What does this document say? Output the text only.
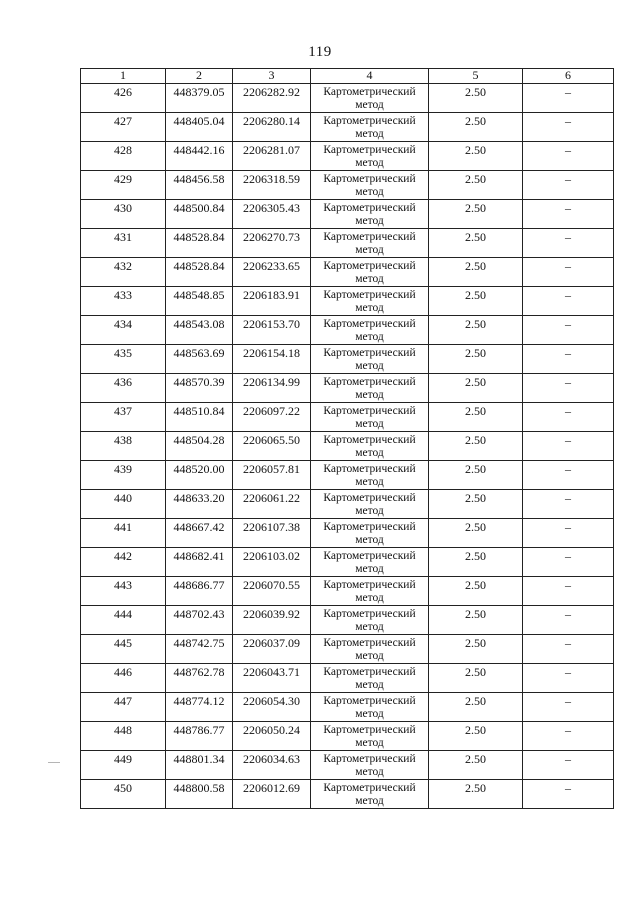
119
1	2	3	4	5	6
426	448379.05	2206282.92	Картометрический метод	2.50	–
427	448405.04	2206280.14	Картометрический метод	2.50	–
428	448442.16	2206281.07	Картометрический метод	2.50	–
429	448456.58	2206318.59	Картометрический метод	2.50	–
430	448500.84	2206305.43	Картометрический метод	2.50	–
431	448528.84	2206270.73	Картометрический метод	2.50	–
432	448528.84	2206233.65	Картометрический метод	2.50	–
433	448548.85	2206183.91	Картометрический метод	2.50	–
434	448543.08	2206153.70	Картометрический метод	2.50	–
435	448563.69	2206154.18	Картометрический метод	2.50	–
436	448570.39	2206134.99	Картометрический метод	2.50	–
437	448510.84	2206097.22	Картометрический метод	2.50	–
438	448504.28	2206065.50	Картометрический метод	2.50	–
439	448520.00	2206057.81	Картометрический метод	2.50	–
440	448633.20	2206061.22	Картометрический метод	2.50	–
441	448667.42	2206107.38	Картометрический метод	2.50	–
442	448682.41	2206103.02	Картометрический метод	2.50	–
443	448686.77	2206070.55	Картометрический метод	2.50	–
444	448702.43	2206039.92	Картометрический метод	2.50	–
445	448742.75	2206037.09	Картометрический метод	2.50	–
446	448762.78	2206043.71	Картометрический метод	2.50	–
447	448774.12	2206054.30	Картометрический метод	2.50	–
448	448786.77	2206050.24	Картометрический метод	2.50	–
449	448801.34	2206034.63	Картометрический метод	2.50	–
450	448800.58	2206012.69	Картометрический метод	2.50	–
